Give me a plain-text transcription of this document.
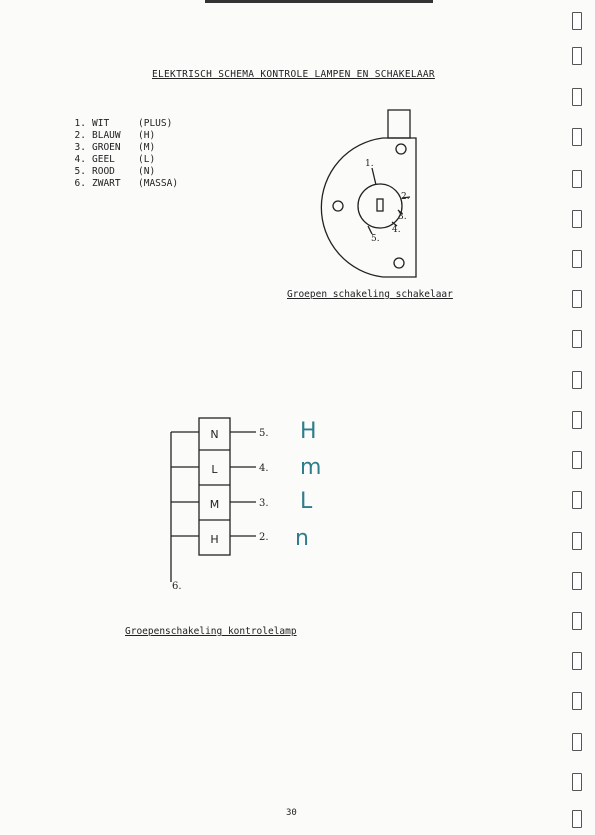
ELEKTRISCH SCHEMA KONTROLE LAMPEN EN SCHAKELAAR
1. WIT	(PLUS)
2. BLAUW	(H)
3. GROEN	(M)
4. GEEL	(L)
5. ROOD	(N)
6. ZWART	(MASSA)
1.
2.
3.
4.
5.
Groepen schakeling schakelaar
N
L
M
H
5.
4.
3.
2.
6.
H
m
L
n
Groepenschakeling kontrolelamp
30
